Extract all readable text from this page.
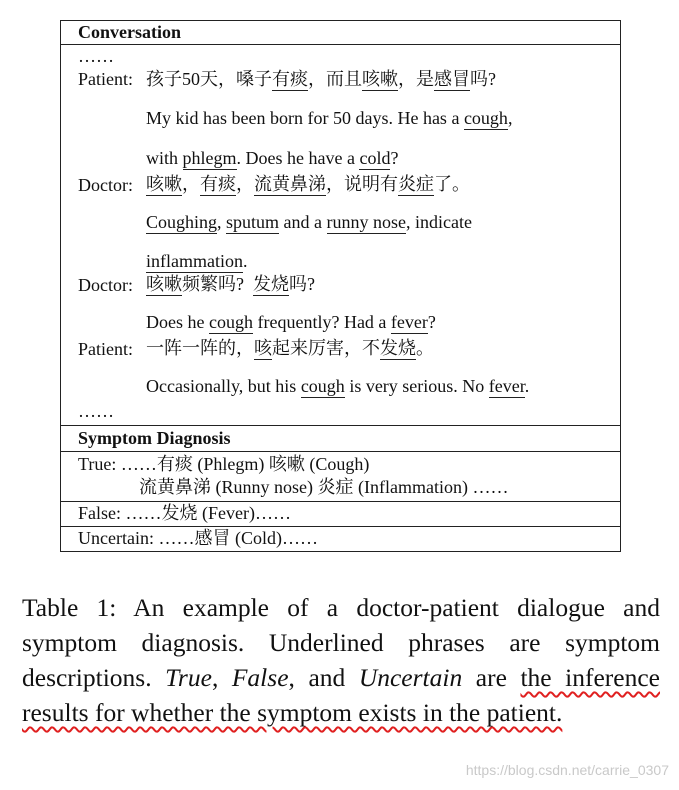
Conversation
……
Patient: 孩子50天，嗓子有痰，而且咳嗽，是感冒吗?
My kid has been born for 50 days. He has a cough,
with phlegm. Does he have a cold?
Doctor: 咳嗽，有痰，流黄鼻涕，说明有炎症了。
Coughing, sputum and a runny nose, indicate
inflammation.
Doctor: 咳嗽频繁吗?  发烧吗?
Does he cough frequently? Had a fever?
Patient: 一阵一阵的，咳起来厉害，不发烧。
Occasionally, but his cough is very serious. No fever.
……
Symptom Diagnosis
True: ……有痰 (Phlegm) 咳嗽 (Cough)
流黄鼻涕 (Runny nose) 炎症 (Inflammation) ……
False: ……发烧 (Fever)……
Uncertain: ……感冒 (Cold)……
Table 1: An example of a doctor-patient dialogue and symptom diagnosis. Underlined phrases are symptom descriptions. True, False, and Uncertain are the inference results for whether the symptom exists in the patient.
https://blog.csdn.net/carrie_0307
